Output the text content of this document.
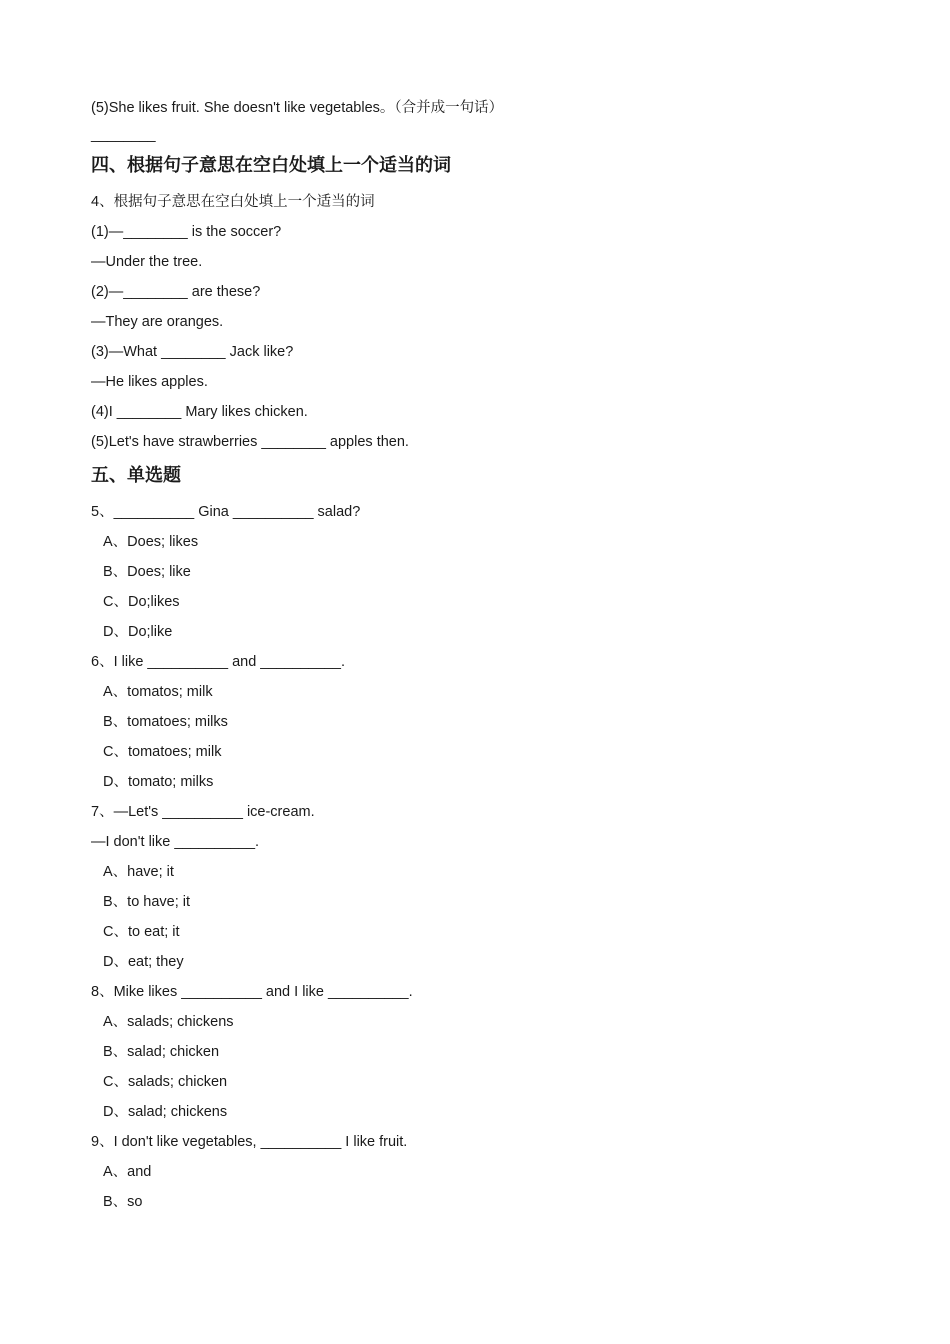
(5)She likes fruit. She doesn't like vegetables。（合并成一句话）
________
四、根据句子意思在空白处填上一个适当的词
4、根据句子意思在空白处填上一个适当的词
(1)—________ is the soccer?
—Under the tree.
(2)—________ are these?
—They are oranges.
(3)—What ________ Jack like?
—He likes apples.
(4)I ________ Mary likes chicken.
(5)Let's have strawberries ________ apples then.
五、单选题
5、__________ Gina __________ salad?
A、Does; likes
B、Does; like
C、Do;likes
D、Do;like
6、I like __________ and __________.
A、tomatos; milk
B、tomatoes; milks
C、tomatoes; milk
D、tomato; milks
7、—Let's __________ ice-cream.
—I don't like __________.
A、have; it
B、to have; it
C、to eat; it
D、eat; they
8、Mike likes __________ and I like __________.
A、salads; chickens
B、salad; chicken
C、salads; chicken
D、salad; chickens
9、I don't like vegetables, __________ I like fruit.
A、and
B、so
